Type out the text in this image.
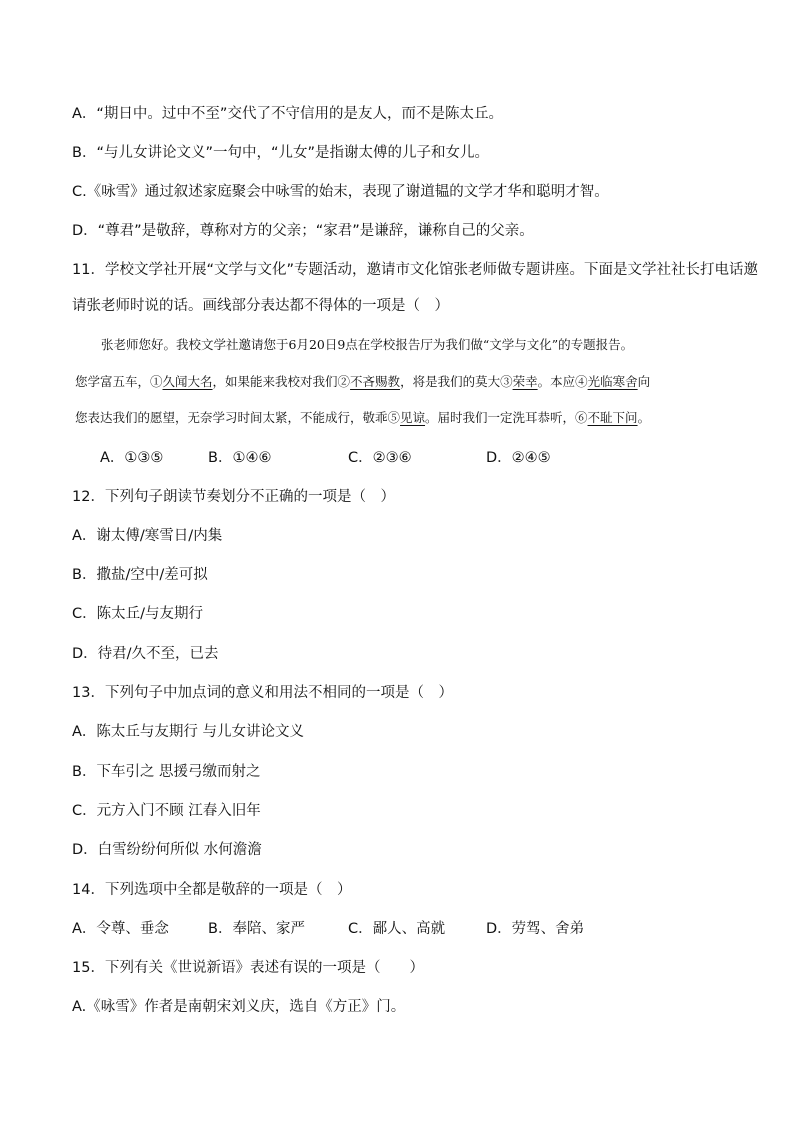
A．“期日中。过中不至”交代了不守信用的是友人，而不是陈太丘。
B．“与儿女讲论文义”一句中，“儿女”是指谢太傅的儿子和女儿。
C.《咏雪》通过叙述家庭聚会中咏雪的始末，表现了谢道韫的文学才华和聪明才智。
D．“尊君”是敬辞，尊称对方的父亲；“家君”是谦辞，谦称自己的父亲。
11．学校文学社开展“文学与文化”专题活动，邀请市文化馆张老师做专题讲座。下面是文学社社长打电话邀
请张老师时说的话。画线部分表达都不得体的一项是（　）
张老师您好。我校文学社邀请您于6月20日9点在学校报告厅为我们做“文学与文化”的专题报告。
您学富五车，①久闻大名，如果能来我校对我们②不吝赐教，将是我们的莫大③荣幸。本应④光临寒舍向
您表达我们的愿望，无奈学习时间太紧，不能成行，敬乖⑤见谅。届时我们一定洗耳恭听，⑥不耻下问。
A．①③⑤	B．①④⑥	C．②③⑥	D．②④⑤
12．下列句子朗读节奏划分不正确的一项是（　）
A．谢太傅/寒雪日/内集
B．撒盐/空中/差可拟
C．陈太丘/与友期行
D．待君/久不至，已去
13．下列句子中加点词的意义和用法不相同的一项是（　）
A．陈太丘与友期行 与儿女讲论文义
B．下车引之 思援弓缴而射之
C．元方入门不顾 江春入旧年
D．白雪纷纷何所似 水何澹澹
14．下列选项中全都是敬辞的一项是（　）
A．令尊、垂念	B．奉陪、家严	C．鄙人、高就	D．劳驾、舍弟
15．下列有关《世说新语》表述有误的一项是（　　）
A.《咏雪》作者是南朝宋刘义庆，选自《方正》门。
